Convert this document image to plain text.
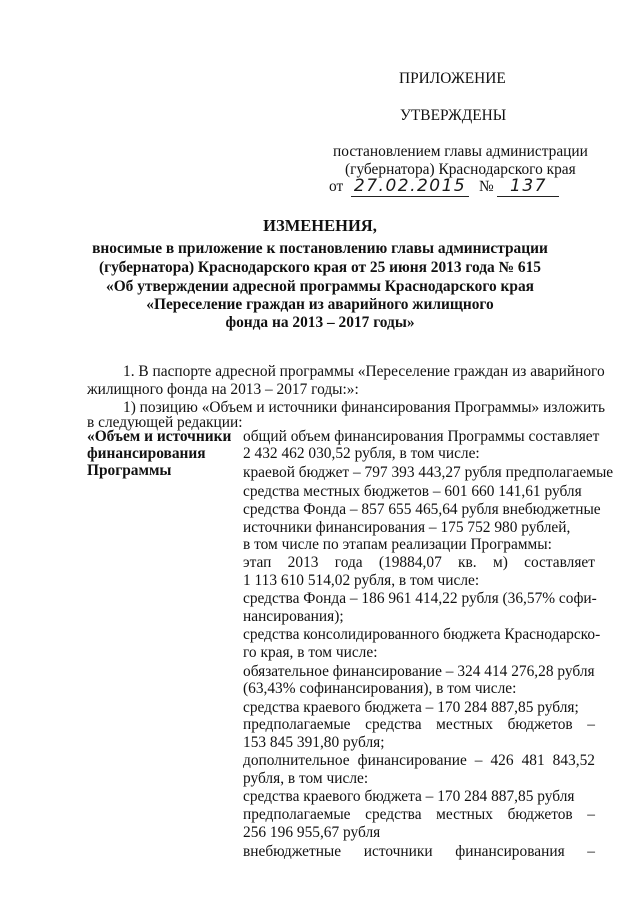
ПРИЛОЖЕНИЕ
УТВЕРЖДЕНЫ
постановлением главы администрации
(губернатора) Краснодарского края
от 27.02.2015 № 137
ИЗМЕНЕНИЯ,
вносимые в приложение к постановлению главы администрации
(губернатора) Краснодарского края от 25 июня 2013 года № 615
«Об утверждении адресной программы Краснодарского края
«Переселение граждан из аварийного жилищного
фонда на 2013 – 2017 годы»
1. В паспорте адресной программы «Переселение граждан из аварийного
жилищного фонда на 2013 – 2017 годы:»:
1) позицию «Объем и источники финансирования Программы» изложить
в следующей редакции:
«Объем и источники
финансирования
Программы
общий объем финансирования Программы составляет
2 432 462 030,52 рубля, в том числе:
краевой бюджет – 797 393 443,27 рубля предполагаемые
средства местных бюджетов – 601 660 141,61 рубля
средства Фонда – 857 655 465,64 рубля внебюджетные
источники финансирования – 175 752 980 рублей,
в том числе по этапам реализации Программы:
этап 2013 года (19884,07 кв. м) составляет
1 113 610 514,02 рубля, в том числе:
средства Фонда – 186 961 414,22 рубля (36,57% софи-
нансирования);
средства консолидированного бюджета Краснодарско-
го края, в том числе:
обязательное финансирование – 324 414 276,28 рубля
(63,43% софинансирования), в том числе:
средства краевого бюджета – 170 284 887,85 рубля;
предполагаемые средства местных бюджетов –
153 845 391,80 рубля;
дополнительное финансирование – 426 481 843,52
рубля, в том числе:
средства краевого бюджета – 170 284 887,85 рубля
предполагаемые средства местных бюджетов –
256 196 955,67 рубля
внебюджетные источники финансирования –
